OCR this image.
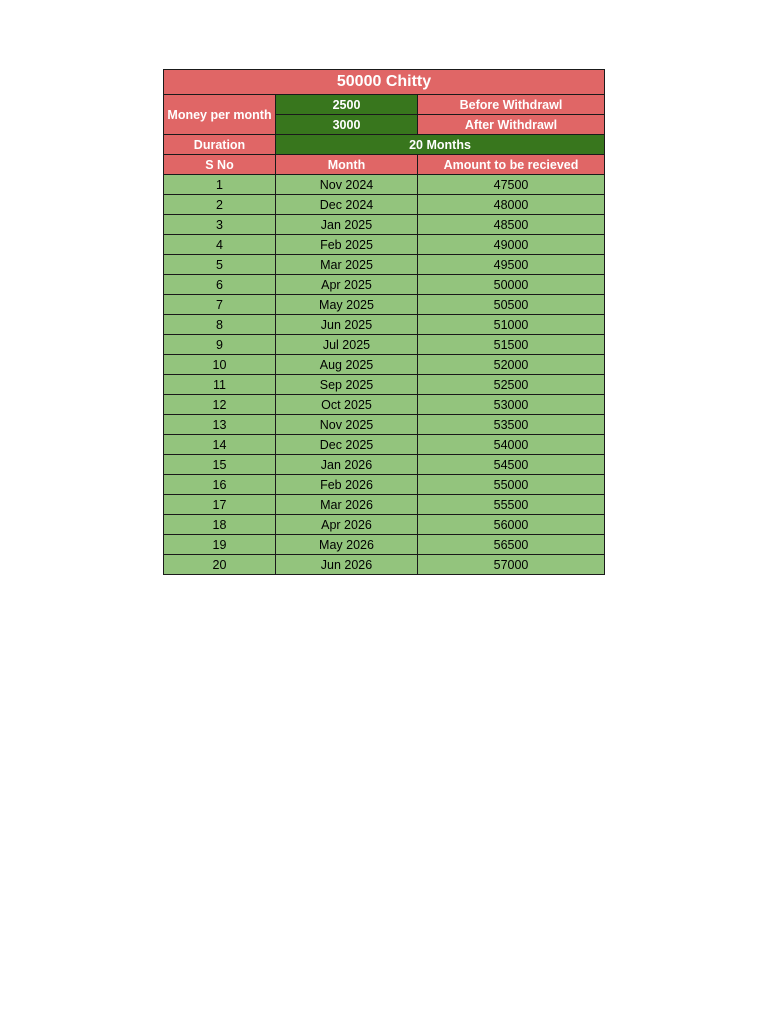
50000 Chitty		
Money per month	2500	Before Withdrawl
	3000	After Withdrawl
Duration	20 Months	
S No	Month	Amount to be recieved
1	Nov 2024	47500
2	Dec 2024	48000
3	Jan 2025	48500
4	Feb 2025	49000
5	Mar 2025	49500
6	Apr 2025	50000
7	May 2025	50500
8	Jun 2025	51000
9	Jul 2025	51500
10	Aug 2025	52000
11	Sep 2025	52500
12	Oct 2025	53000
13	Nov 2025	53500
14	Dec 2025	54000
15	Jan 2026	54500
16	Feb 2026	55000
17	Mar 2026	55500
18	Apr 2026	56000
19	May 2026	56500
20	Jun 2026	57000
